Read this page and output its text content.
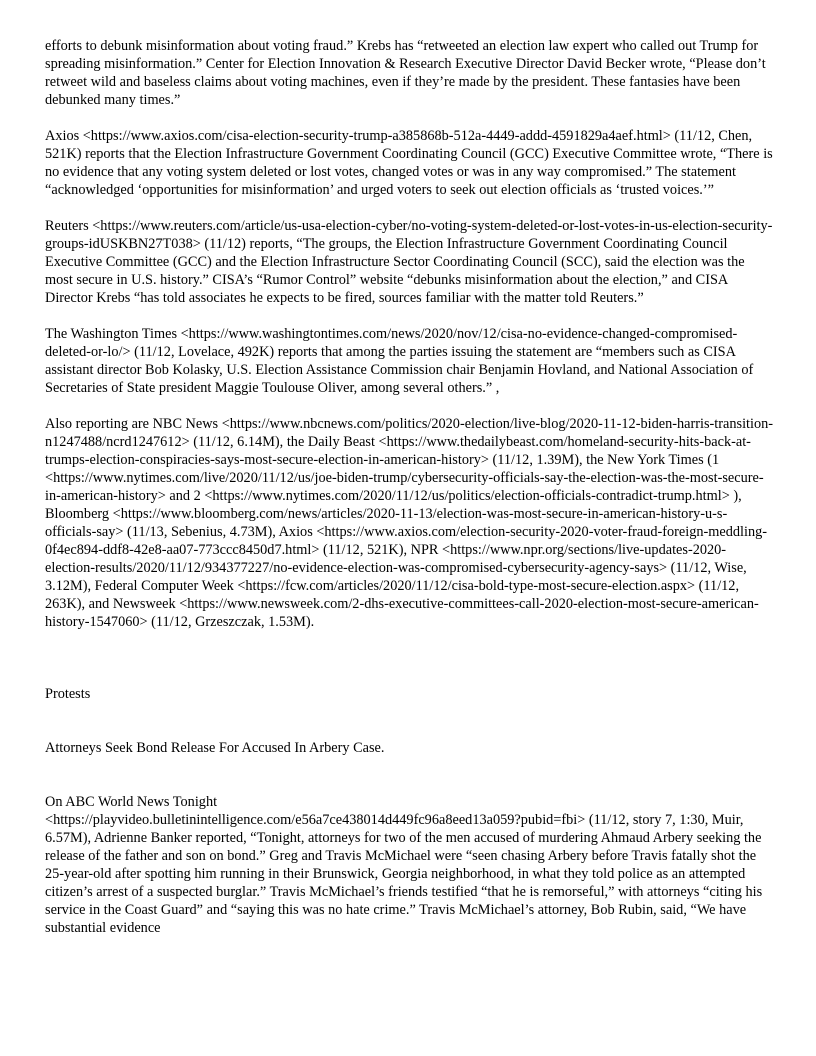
efforts to debunk misinformation about voting fraud.” Krebs has “retweeted an election law expert who called out Trump for spreading misinformation.” Center for Election Innovation & Research Executive Director David Becker wrote, “Please don’t retweet wild and baseless claims about voting machines, even if they’re made by the president. These fantasies have been debunked many times.”

Axios <https://www.axios.com/cisa-election-security-trump-a385868b-512a-4449-addd-4591829a4aef.html> (11/12, Chen, 521K) reports that the Election Infrastructure Government Coordinating Council (GCC) Executive Committee wrote, “There is no evidence that any voting system deleted or lost votes, changed votes or was in any way compromised.” The statement “acknowledged ‘opportunities for misinformation’ and urged voters to seek out election officials as ‘trusted voices.’”

Reuters <https://www.reuters.com/article/us-usa-election-cyber/no-voting-system-deleted-or-lost-votes-in-us-election-security-groups-idUSKBN27T038> (11/12) reports, “The groups, the Election Infrastructure Government Coordinating Council Executive Committee (GCC) and the Election Infrastructure Sector Coordinating Council (SCC), said the election was the most secure in U.S. history.” CISA’s “Rumor Control” website “debunks misinformation about the election,” and CISA Director Krebs “has told associates he expects to be fired, sources familiar with the matter told Reuters.”

The Washington Times <https://www.washingtontimes.com/news/2020/nov/12/cisa-no-evidence-changed-compromised-deleted-or-lo/> (11/12, Lovelace, 492K) reports that among the parties issuing the statement are “members such as CISA assistant director Bob Kolasky, U.S. Election Assistance Commission chair Benjamin Hovland, and National Association of Secretaries of State president Maggie Toulouse Oliver, among several others.” ,

Also reporting are NBC News <https://www.nbcnews.com/politics/2020-election/live-blog/2020-11-12-biden-harris-transition-n1247488/ncrd1247612> (11/12, 6.14M), the Daily Beast <https://www.thedailybeast.com/homeland-security-hits-back-at-trumps-election-conspiracies-says-most-secure-election-in-american-history> (11/12, 1.39M), the New York Times (1 <https://www.nytimes.com/live/2020/11/12/us/joe-biden-trump/cybersecurity-officials-say-the-election-was-the-most-secure-in-american-history> and 2 <https://www.nytimes.com/2020/11/12/us/politics/election-officials-contradict-trump.html> ), Bloomberg <https://www.bloomberg.com/news/articles/2020-11-13/election-was-most-secure-in-american-history-u-s-officials-say> (11/13, Sebenius, 4.73M), Axios <https://www.axios.com/election-security-2020-voter-fraud-foreign-meddling-0f4ec894-ddf8-42e8-aa07-773ccc8450d7.html> (11/12, 521K), NPR <https://www.npr.org/sections/live-updates-2020-election-results/2020/11/12/934377227/no-evidence-election-was-compromised-cybersecurity-agency-says> (11/12, Wise, 3.12M), Federal Computer Week <https://fcw.com/articles/2020/11/12/cisa-bold-type-most-secure-election.aspx> (11/12, 263K), and Newsweek <https://www.newsweek.com/2-dhs-executive-committees-call-2020-election-most-secure-american-history-1547060> (11/12, Grzeszczak, 1.53M).

Protests

Attorneys Seek Bond Release For Accused In Arbery Case.

On ABC World News Tonight
<https://playvideo.bulletinintelligence.com/e56a7ce438014d449fc96a8eed13a059?pubid=fbi> (11/12, story 7, 1:30, Muir, 6.57M), Adrienne Banker reported, “Tonight, attorneys for two of the men accused of murdering Ahmaud Arbery seeking the release of the father and son on bond.” Greg and Travis McMichael were “seen chasing Arbery before Travis fatally shot the 25-year-old after spotting him running in their Brunswick, Georgia neighborhood, in what they told police as an attempted citizen’s arrest of a suspected burglar.” Travis McMichael’s friends testified “that he is remorseful,” with attorneys “citing his service in the Coast Guard” and “saying this was no hate crime.” Travis McMichael’s attorney, Bob Rubin, said, “We have substantial evidence
